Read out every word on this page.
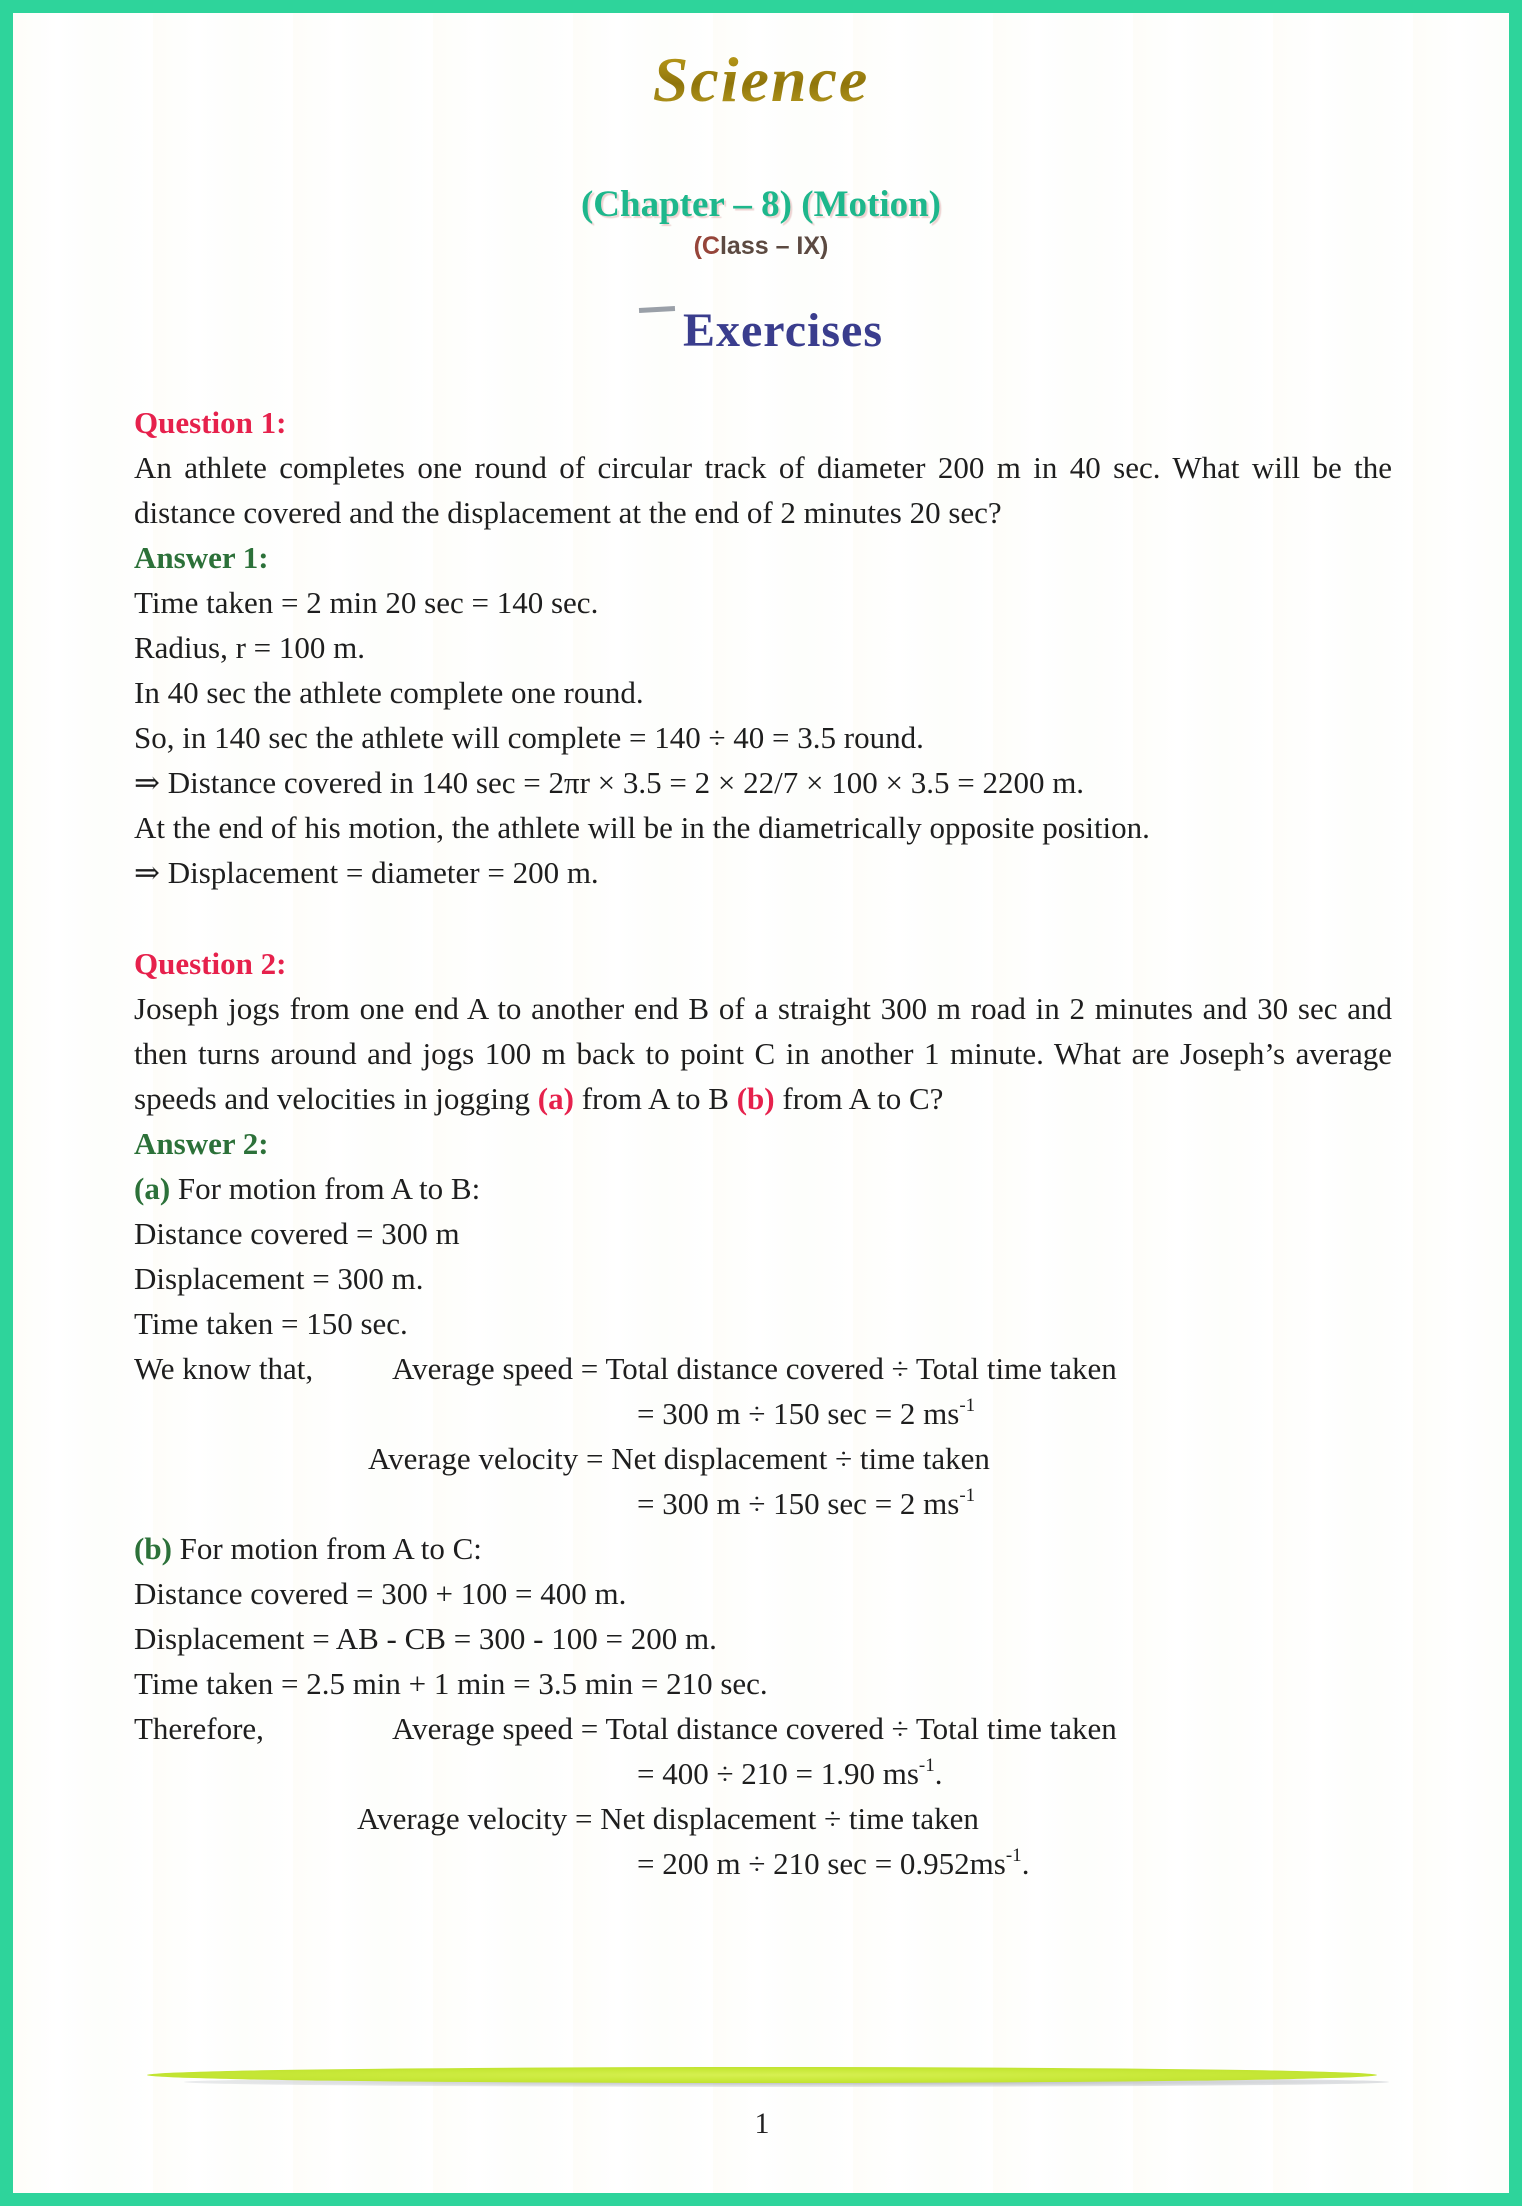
Science
(Chapter – 8) (Motion)
(Class – IX)
Exercises
Question 1:

An athlete completes one round of circular track of diameter 200 m in 40 sec. What will be the distance covered and the displacement at the end of 2 minutes 20 sec?

Answer 1:
Time taken = 2 min 20 sec = 140 sec.
Radius, r = 100 m.
In 40 sec the athlete complete one round.
So, in 140 sec the athlete will complete = 140 ÷ 40 = 3.5 round.
⇒ Distance covered in 140 sec = 2πr × 3.5 = 2 × 22/7 × 100 × 3.5 = 2200 m.
At the end of his motion, the athlete will be in the diametrically opposite position.
⇒ Displacement = diameter = 200 m.
Question 2:

Joseph jogs from one end A to another end B of a straight 300 m road in 2 minutes and 30 sec and then turns around and jogs 100 m back to point C in another 1 minute. What are Joseph’s average speeds and velocities in jogging (a) from A to B (b) from A to C?

Answer 2:
(a) For motion from A to B:
Distance covered = 300 m
Displacement = 300 m.
Time taken = 150 sec.
We know that,	Average speed = Total distance covered ÷ Total time taken
= 300 m ÷ 150 sec = 2 $ms^{-1}$
Average velocity = Net displacement ÷ time taken
= 300 m ÷ 150 sec = 2 $ms^{-1}$
(b) For motion from A to C:
Distance covered = 300 + 100 = 400 m.
Displacement = AB - CB = 300 - 100 = 200 m.
Time taken = 2.5 min + 1 min = 3.5 min = 210 sec.
Therefore,	Average speed = Total distance covered ÷ Total time taken
= 400 ÷ 210 = 1.90 $ms^{-1}$.
Average velocity = Net displacement ÷ time taken
= 200 m ÷ 210 $\sec = 0.952ms^{-1}$.
1
